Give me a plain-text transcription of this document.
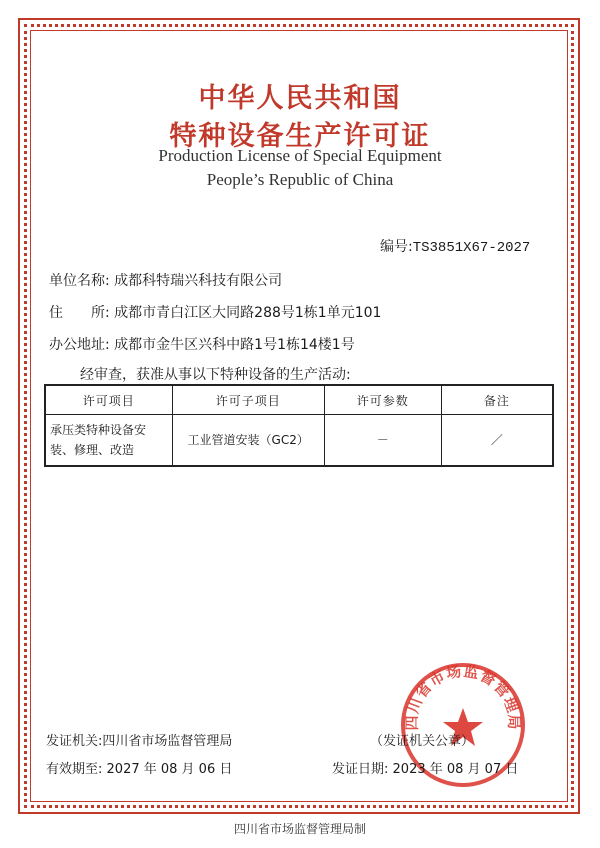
中华人民共和国
特种设备生产许可证
Production License of Special Equipment
People’s Republic of China
编号:TS3851X67-2027
单位名称: 成都科特瑞兴科技有限公司
住　　所: 成都市青白江区大同路288号1栋1单元101
办公地址: 成都市金牛区兴科中路1号1栋14楼1号
经审查，获准从事以下特种设备的生产活动:
许可项目	许可子项目	许可参数	备注
承压类特种设备安装、修理、改造	工业管道安装（GC2）	－	／
四川省市场监督管理局
发证机关:四川省市场监督管理局	（发证机关公章）
有效期至: 2027 年 08 月 06 日	发证日期: 2023 年 08 月 07 日
四川省市场监督管理局制
